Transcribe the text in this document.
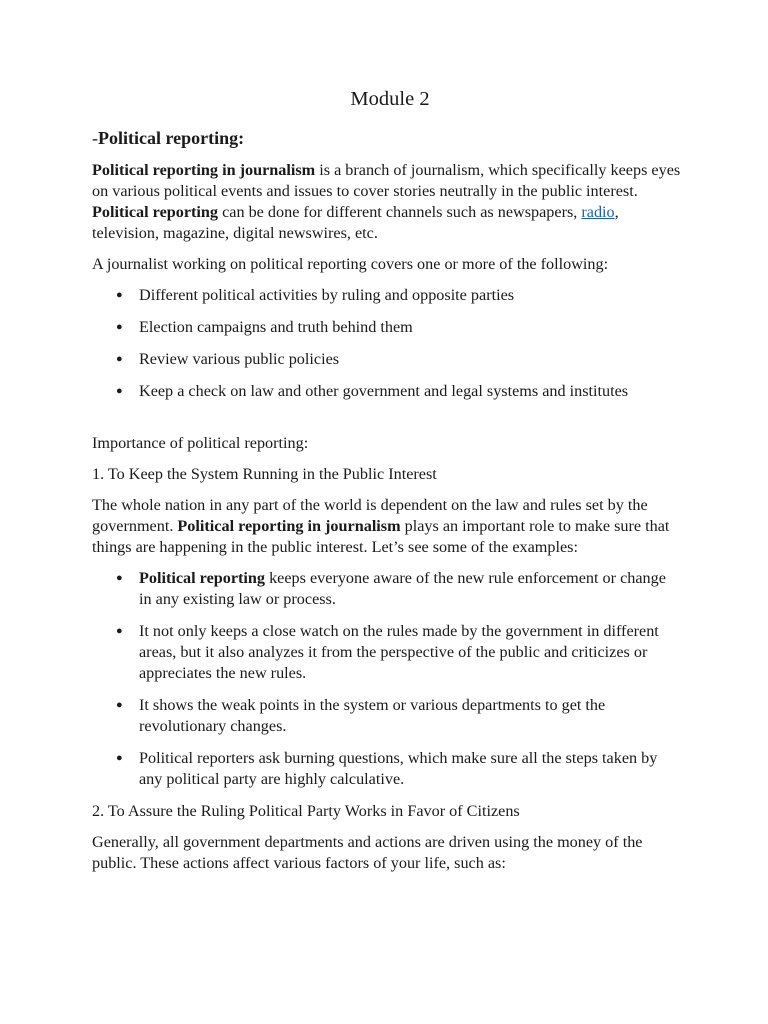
Module 2
-Political reporting:

Political reporting in journalism is a branch of journalism, which specifically keeps eyes on various political events and issues to cover stories neutrally in the public interest. Political reporting can be done for different channels such as newspapers, radio, television, magazine, digital newswires, etc.

A journalist working on political reporting covers one or more of the following:

● Different political activities by ruling and opposite parties
● Election campaigns and truth behind them
● Review various public policies
● Keep a check on law and other government and legal systems and institutes

Importance of political reporting:

1. To Keep the System Running in the Public Interest

The whole nation in any part of the world is dependent on the law and rules set by the government. Political reporting in journalism plays an important role to make sure that things are happening in the public interest. Let’s see some of the examples:

● Political reporting keeps everyone aware of the new rule enforcement or change in any existing law or process.
● It not only keeps a close watch on the rules made by the government in different areas, but it also analyzes it from the perspective of the public and criticizes or appreciates the new rules.
● It shows the weak points in the system or various departments to get the revolutionary changes.
● Political reporters ask burning questions, which make sure all the steps taken by any political party are highly calculative.

2. To Assure the Ruling Political Party Works in Favor of Citizens

Generally, all government departments and actions are driven using the money of the public. These actions affect various factors of your life, such as:
